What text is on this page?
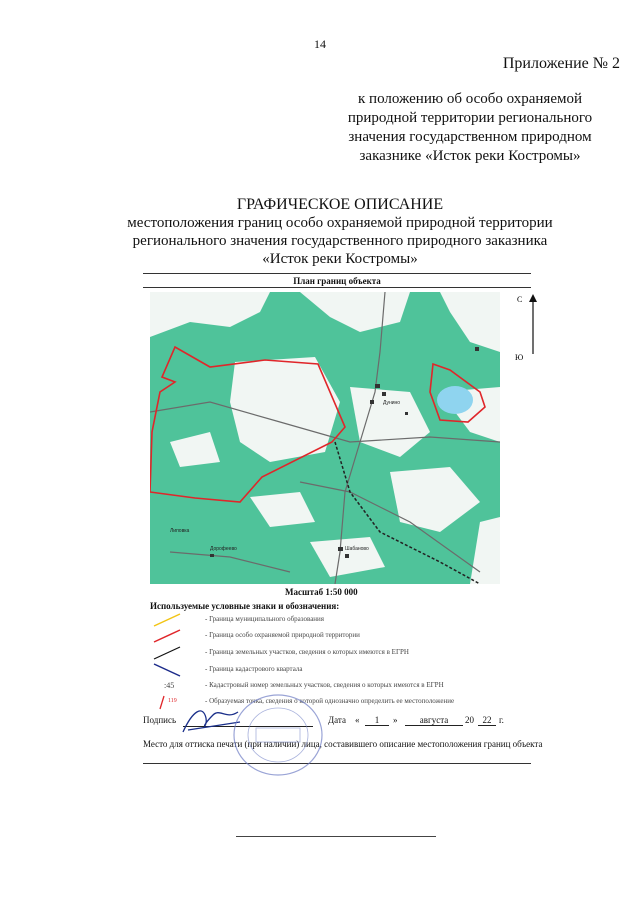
14
Приложение № 2
к положению об особо охраняемой
природной территории регионального
значения государственном природном
заказнике «Исток реки Костромы»
ГРАФИЧЕСКОЕ ОПИСАНИЕ
местоположения границ особо охраняемой природной территории
регионального значения государственного природного заказника
«Исток реки Костромы»
План границ объекта
Дунино
Дорофеево	Шабаново
Липовка
С
Ю
Масштаб 1:50 000
Используемые условные знаки и обозначения:
- Граница муниципального образования
- Граница особо охраняемой природной территории
- Граница земельных участков, сведения о которых имеются в ЕГРН
- Граница кадастрового квартала
:45	- Кадастровый номер земельных участков, сведения о которых имеются в ЕГРН
119	- Образуемая точка, сведения о которой однозначно определить ее местоположение
Подпись	Дата «	1	»	августа	20 22 г.
Место для оттиска печати (при наличии) лица, составившего описание местоположения границ объекта
